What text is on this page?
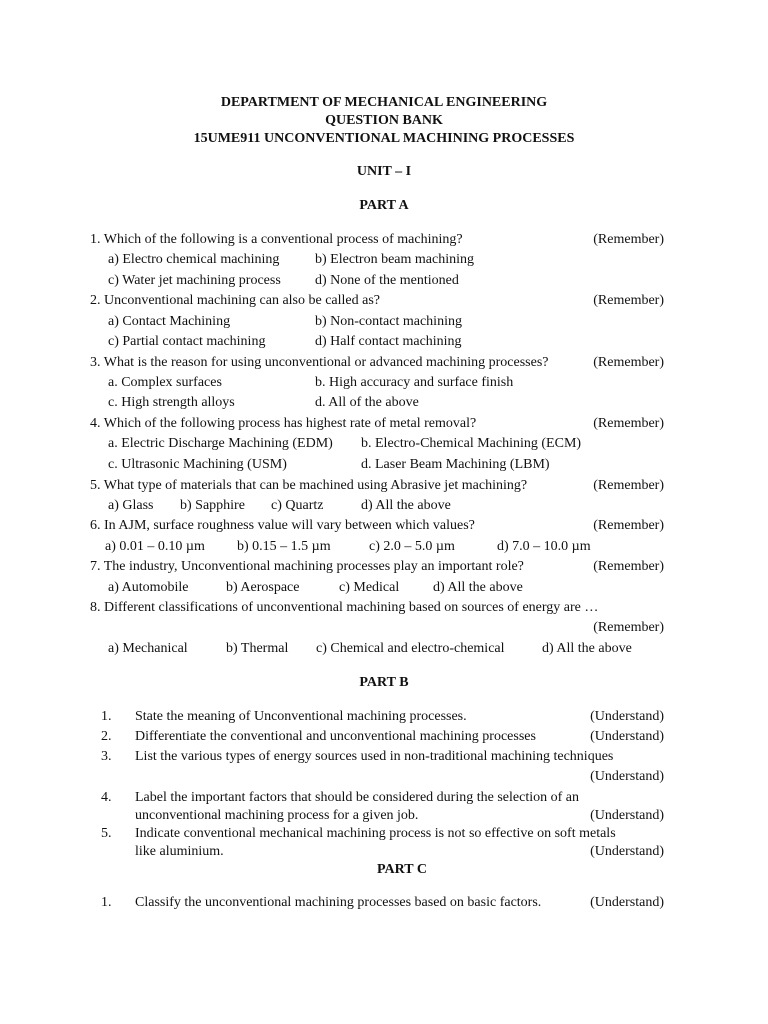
DEPARTMENT OF MECHANICAL ENGINEERING
QUESTION BANK
15UME911 UNCONVENTIONAL MACHINING PROCESSES
UNIT – I
PART A
1. Which of the following is a conventional process of machining?	(Remember)
a) Electro chemical machining	b) Electron beam machining
c) Water jet machining process d) None of the mentioned
2. Unconventional machining can also be called as?	(Remember)
a) Contact Machining	b) Non-contact machining
c) Partial contact machining	d) Half contact machining
3. What is the reason for using unconventional or advanced machining processes?	(Remember)
a. Complex surfaces	b. High accuracy and surface finish
c. High strength alloys	d. All of the above
4. Which of the following process has highest rate of metal removal?	(Remember)
a. Electric Discharge Machining (EDM) b. Electro-Chemical Machining (ECM)
c. Ultrasonic Machining (USM)	d. Laser Beam Machining (LBM)
5. What type of materials that can be machined using Abrasive jet machining?	(Remember)
a) Glass b) Sapphire c) Quartz	d) All the above
6. In AJM, surface roughness value will vary between which values?	(Remember)
a) 0.01 – 0.10 µm b) 0.15 – 1.5 µm	c) 2.0 – 5.0 µm	d) 7.0 – 10.0 µm
7. The industry, Unconventional machining processes play an important role?	(Remember)
a) Automobile	b) Aerospace	c) Medical d) All the above
8. Different classifications of unconventional machining based on sources of energy are …
(Remember)
a) Mechanical	b) Thermal c) Chemical and electro-chemical	d) All the above
PART B
1. State the meaning of Unconventional machining processes.	(Understand)
2. Differentiate the conventional and unconventional machining processes	(Understand)
3. List the various types of energy sources used in non-traditional machining techniques
(Understand)
4. Label the important factors that should be considered during the selection of an
unconventional machining process for a given job.	(Understand)
5. Indicate conventional mechanical machining process is not so effective on soft metals
like aluminium.	(Understand)
PART C
1. Classify the unconventional machining processes based on basic factors.	(Understand)
